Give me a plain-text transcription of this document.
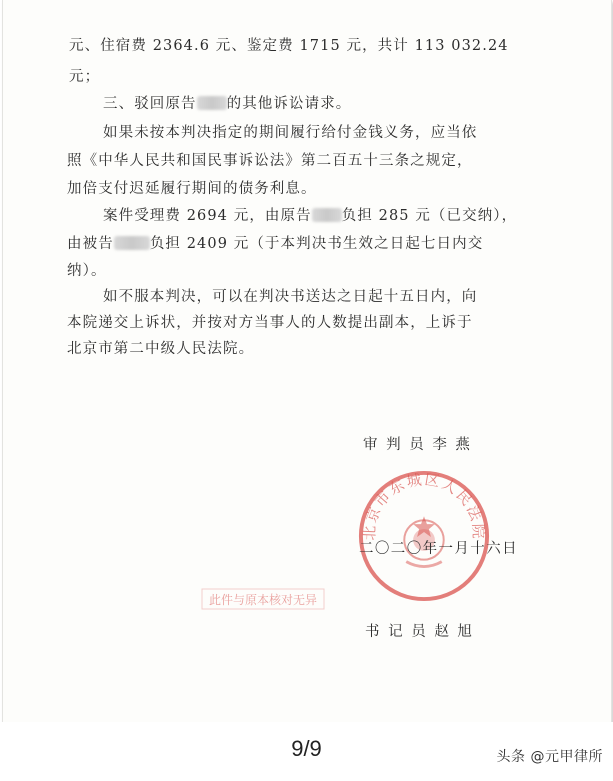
元、住宿费 2364.6 元、鉴定费 1715 元，共计 113 032.24
元；
三、驳回原告 的其他诉讼请求。
如果未按本判决指定的期间履行给付金钱义务，应当依
照《中华人民共和国民事诉讼法》第二百五十三条之规定，
加倍支付迟延履行期间的债务利息。
案件受理费 2694 元，由原告 负担 285 元（已交纳），
由被告 负担 2409 元（于本判决书生效之日起七日内交
纳）。
如不服本判决，可以在判决书送达之日起十五日内，向
本院递交上诉状，并按对方当事人的人数提出副本，上诉于
北京市第二中级人民法院。
北京市东城区人民法院
审 判 员 李 燕
二〇二〇年一月十六日
此件与原本核对无异
书 记 员 赵 旭
9/9	头条 @元甲律所
